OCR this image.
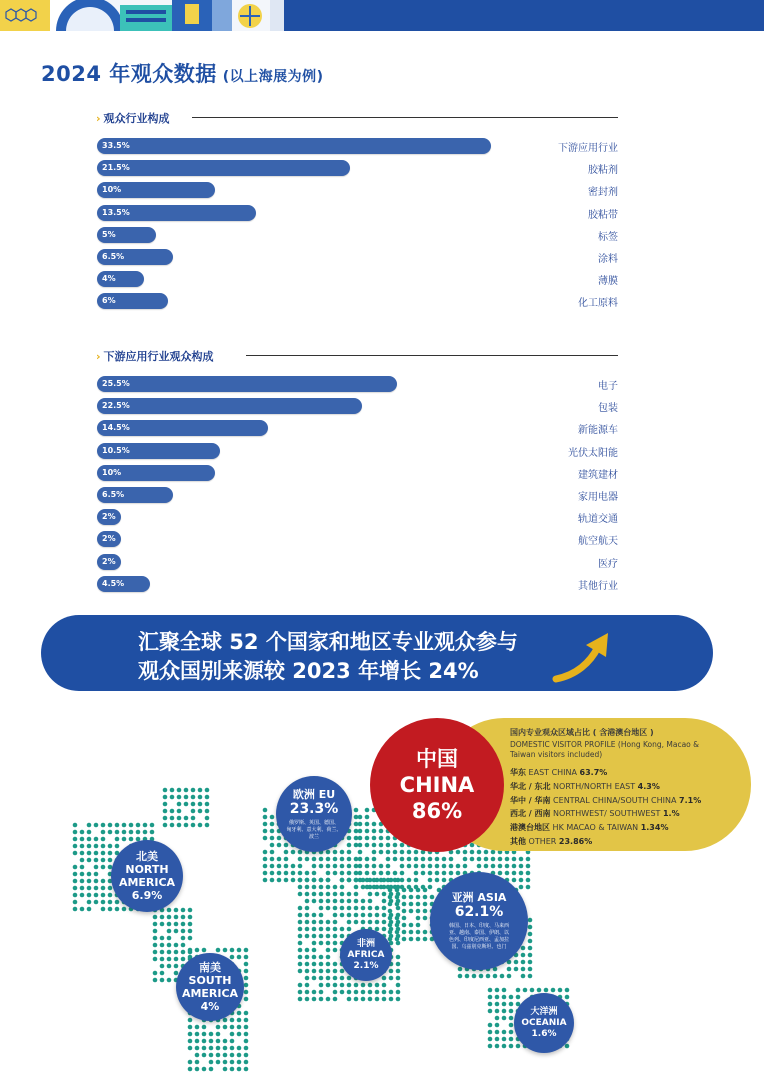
2024 年观众数据 (以上海展为例)
› 观众行业构成
33.5%	下游应用行业
21.5%	胶粘剂
10%	密封剂
13.5%	胶粘带
5%	标签
6.5%	涂料
4%	薄膜
6%	化工原料
› 下游应用行业观众构成
25.5%	电子
22.5%	包装
14.5%	新能源车
10.5%	光伏太阳能
10%	建筑建材
6.5%	家用电器
2%	轨道交通
2%	航空航天
2%	医疗
4.5%	其他行业
汇聚全球 52 个国家和地区专业观众参与
观众国别来源较 2023 年增长 24%
国内专业观众区域占比 ( 含港澳台地区 )
DOMESTIC VISITOR PROFILE (Hong Kong, Macao &
Taiwan visitors included)
华东 EAST CHINA 63.7%
华北 / 东北 NORTH/NORTH EAST 4.3%
华中 / 华南 CENTRAL CHINA/SOUTH CHINA 7.1%
西北 / 西南 NORTHWEST/ SOUTHWEST 1.%
港澳台地区 HK MACAO & TAIWAN 1.34%
其他 OTHER 23.86%
中国
CHINA
86%
欧洲 EU
23.3%
俄罗斯、英国、德国、
匈牙利、意大利、荷兰、
波兰
北美
NORTH
AMERICA
6.9%
南美
SOUTH
AMERICA
4%
非洲
AFRICA
2.1%
亚洲 ASIA
62.1%
韩国、日本、印度、马来西
亚、越南、泰国、伊朗、以
色列、印度尼西亚、孟加拉
国、乌兹别克斯坦、也门
大洋洲
OCEANIA
1.6%
